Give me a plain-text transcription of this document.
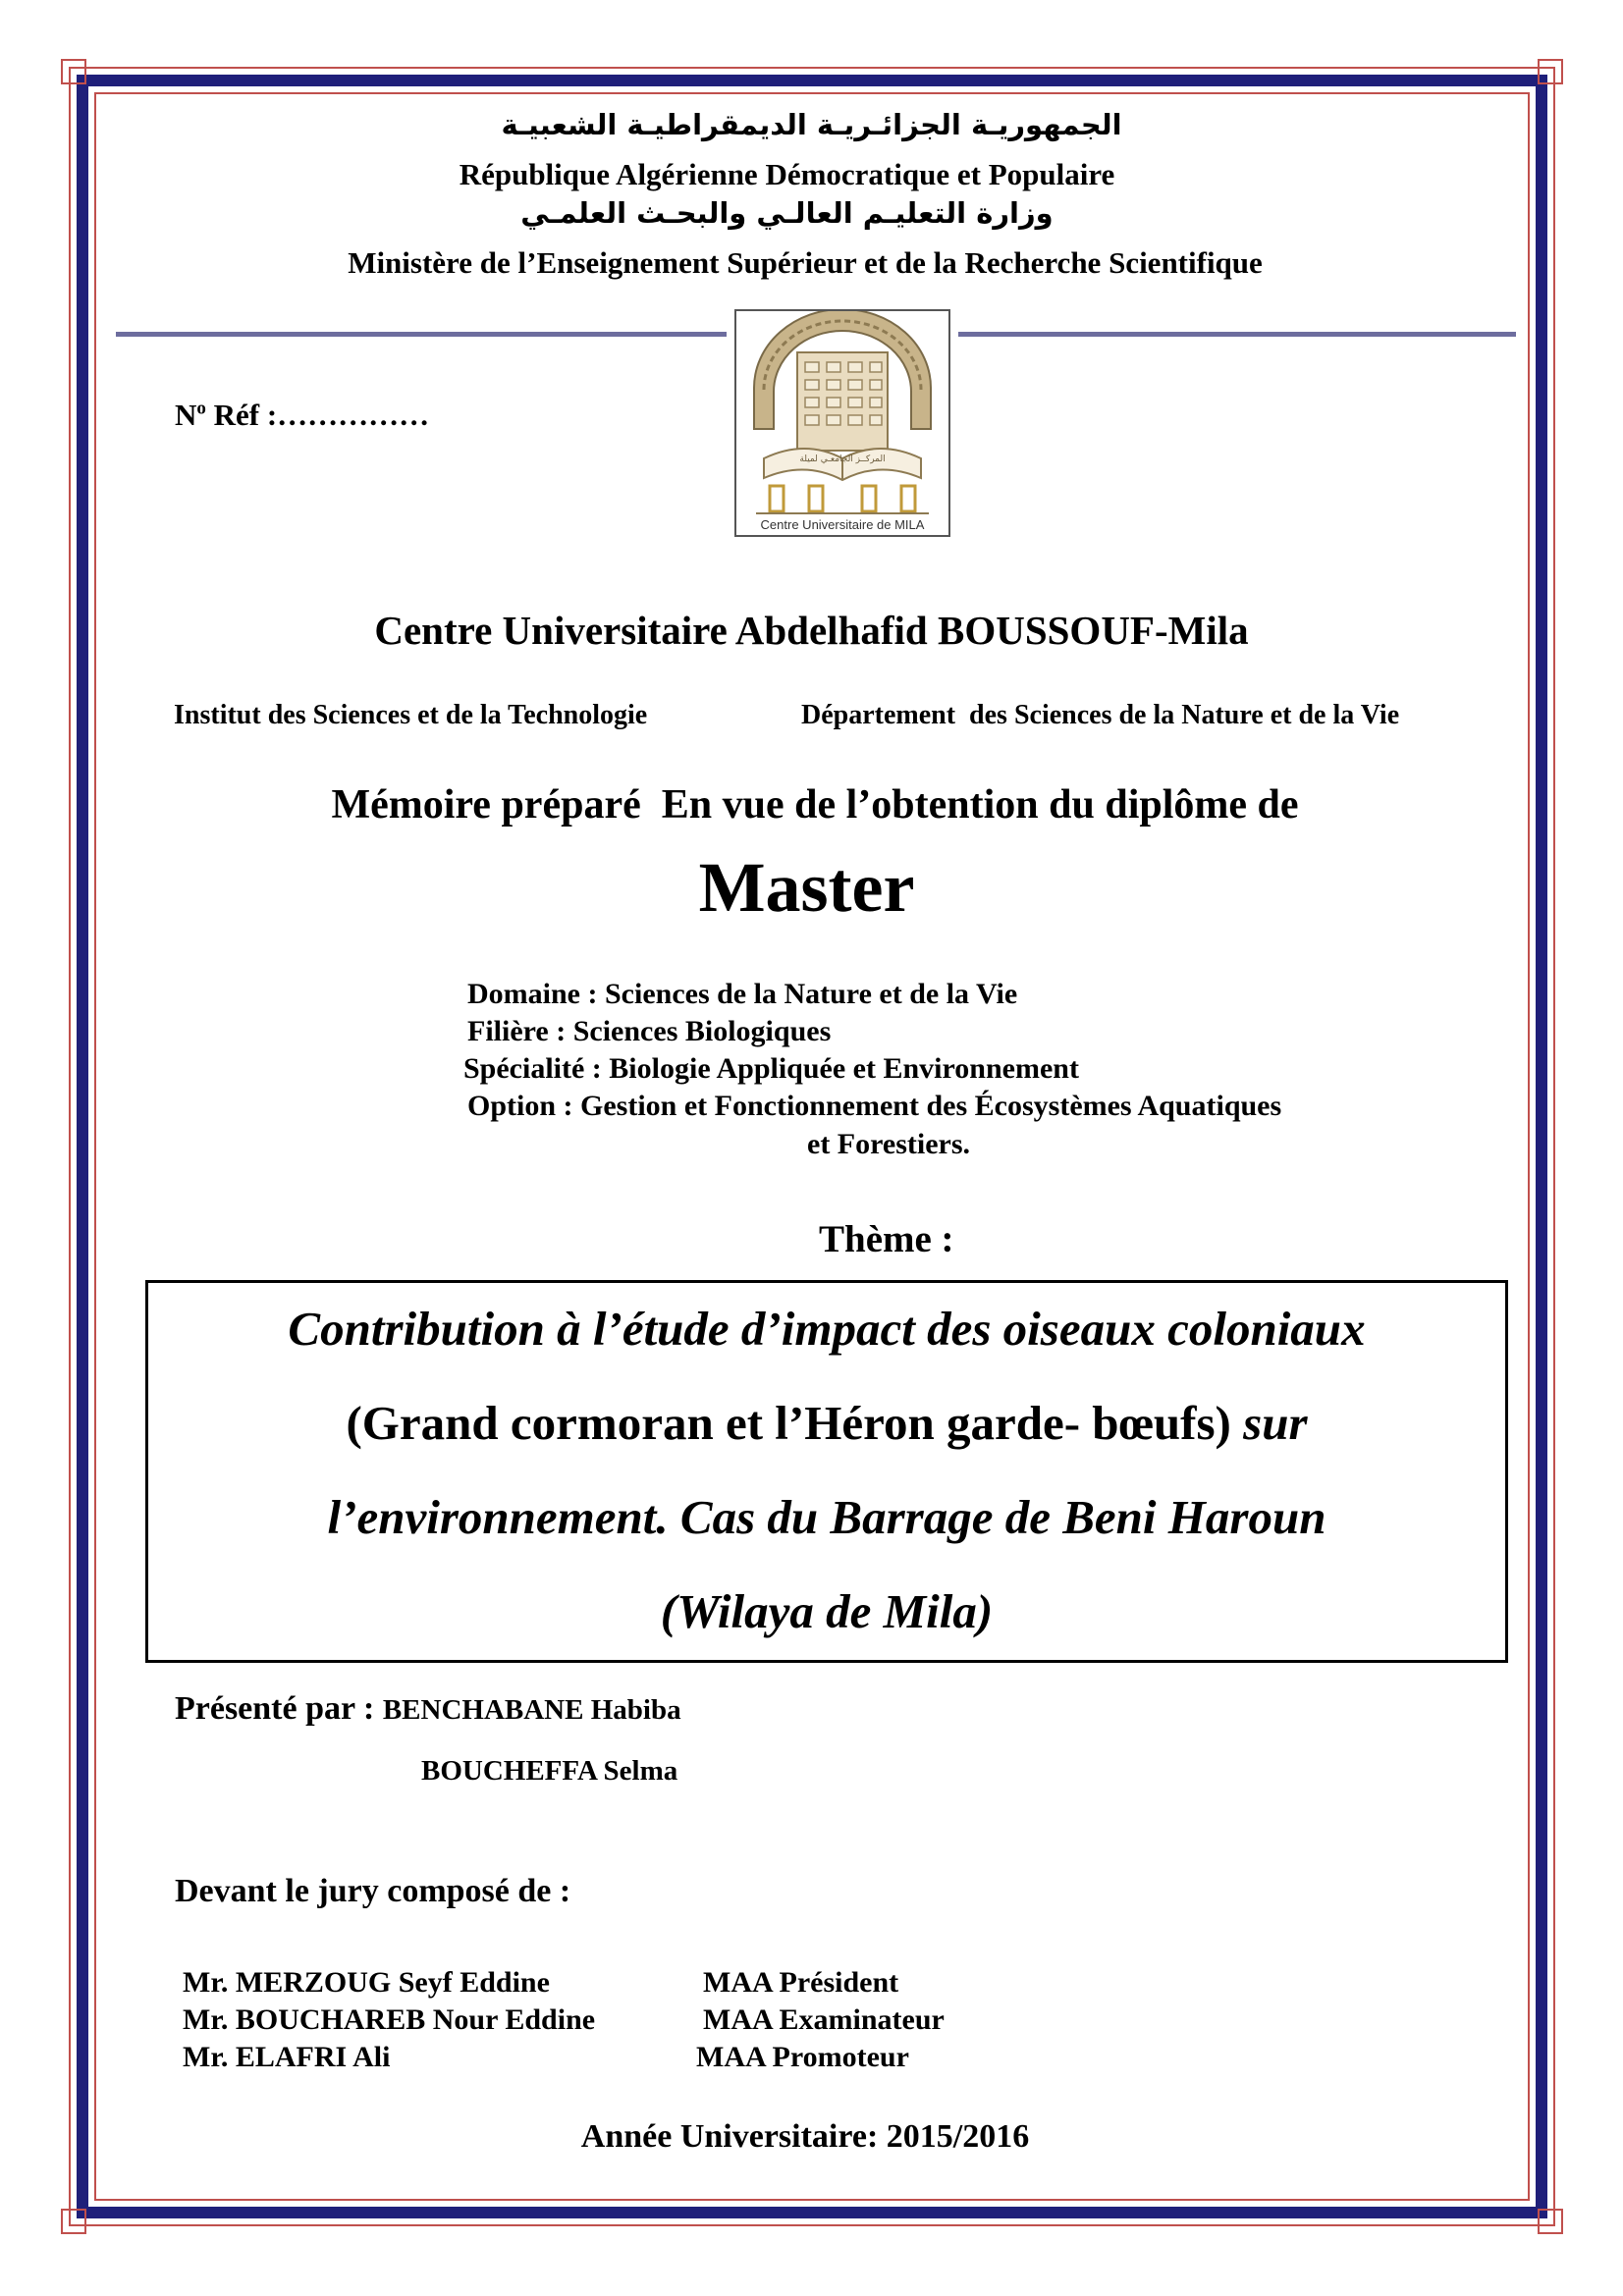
الجمهوريـة الجزائـريـة الديمقراطيـة الشعبيـة
République Algérienne Démocratique et Populaire
وزارة التعليـم العالـي والبحـث العلمـي
Ministère de l’Enseignement Supérieur et de la Recherche Scientifique
$N^o$ Réf :……………
المركــز الجامعـي لميلة
Centre Universitaire de MILA
Centre Universitaire Abdelhafid BOUSSOUF-Mila
Institut des Sciences et de la Technologie	Département  des Sciences de la Nature et de la Vie
Mémoire préparé  En vue de l’obtention du diplôme de
Master
Domaine : Sciences de la Nature et de la Vie
Filière : Sciences Biologiques
Spécialité : Biologie Appliquée et Environnement
Option : Gestion et Fonctionnement des Écosystèmes Aquatiques
et Forestiers.
Thème :
Contribution à l’étude d’impact des oiseaux coloniaux
(Grand cormoran et l’Héron garde- bœufs) sur
l’environnement. Cas du Barrage de Beni Haroun
(Wilaya de Mila)
Présenté par : BENCHABANE Habiba
BOUCHEFFA Selma
Devant le jury composé de :
Mr. MERZOUG Seyf Eddine	MAA Président
Mr. BOUCHAREB Nour Eddine	MAA Examinateur
Mr. ELAFRI Ali	MAA Promoteur
Année Universitaire: 2015/2016
